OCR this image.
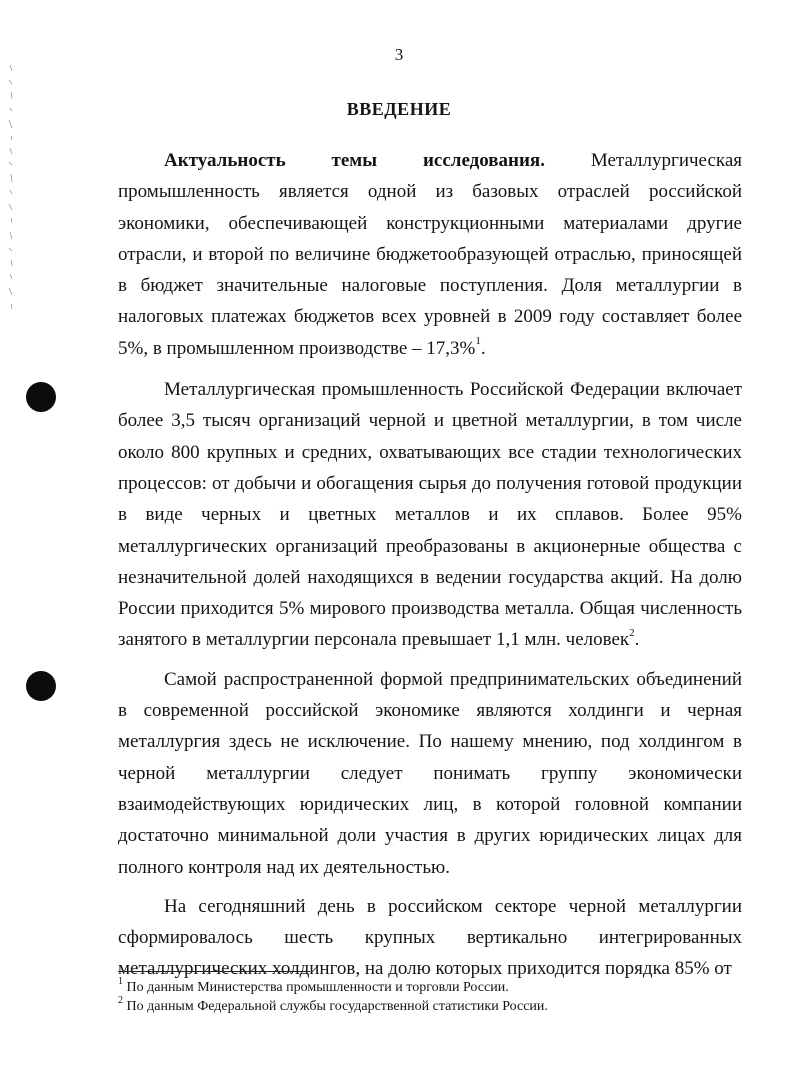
3
ВВЕДЕНИЕ

Актуальность темы исследования. Металлургическая промышленность является одной из базовых отраслей российской экономики, обеспечивающей конструкционными материалами другие отрасли, и второй по величине бюджетообразующей отраслью, приносящей в бюджет значительные налоговые поступления. Доля металлургии в налоговых платежах бюджетов всех уровней в 2009 году составляет более 5%, в промышленном производстве – 17,3%$^1$.

Металлургическая промышленность Российской Федерации включает более 3,5 тысяч организаций черной и цветной металлургии, в том числе около 800 крупных и средних, охватывающих все стадии технологических процессов: от добычи и обогащения сырья до получения готовой продукции в виде черных и цветных металлов и их сплавов. Более 95% металлургических организаций преобразованы в акционерные общества с незначительной долей находящихся в ведении государства акций. На долю России приходится 5% мирового производства металла. Общая численность занятого в металлургии персонала превышает 1,1 млн. человек$^2$.

Самой распространенной формой предпринимательских объединений в современной российской экономике являются холдинги и черная металлургия здесь не исключение. По нашему мнению, под холдингом в черной металлургии следует понимать группу экономически взаимодействующих юридических лиц, в которой головной компании достаточно минимальной доли участия в других юридических лицах для полного контроля над их деятельностью.

На сегодняшний день в российском секторе черной металлургии сформировалось шесть крупных вертикально интегрированных металлургических холдингов, на долю которых приходится порядка 85% от

$^1$ По данным Министерства промышленности и торговли России.
$^2$ По данным Федеральной службы государственной статистики России.
